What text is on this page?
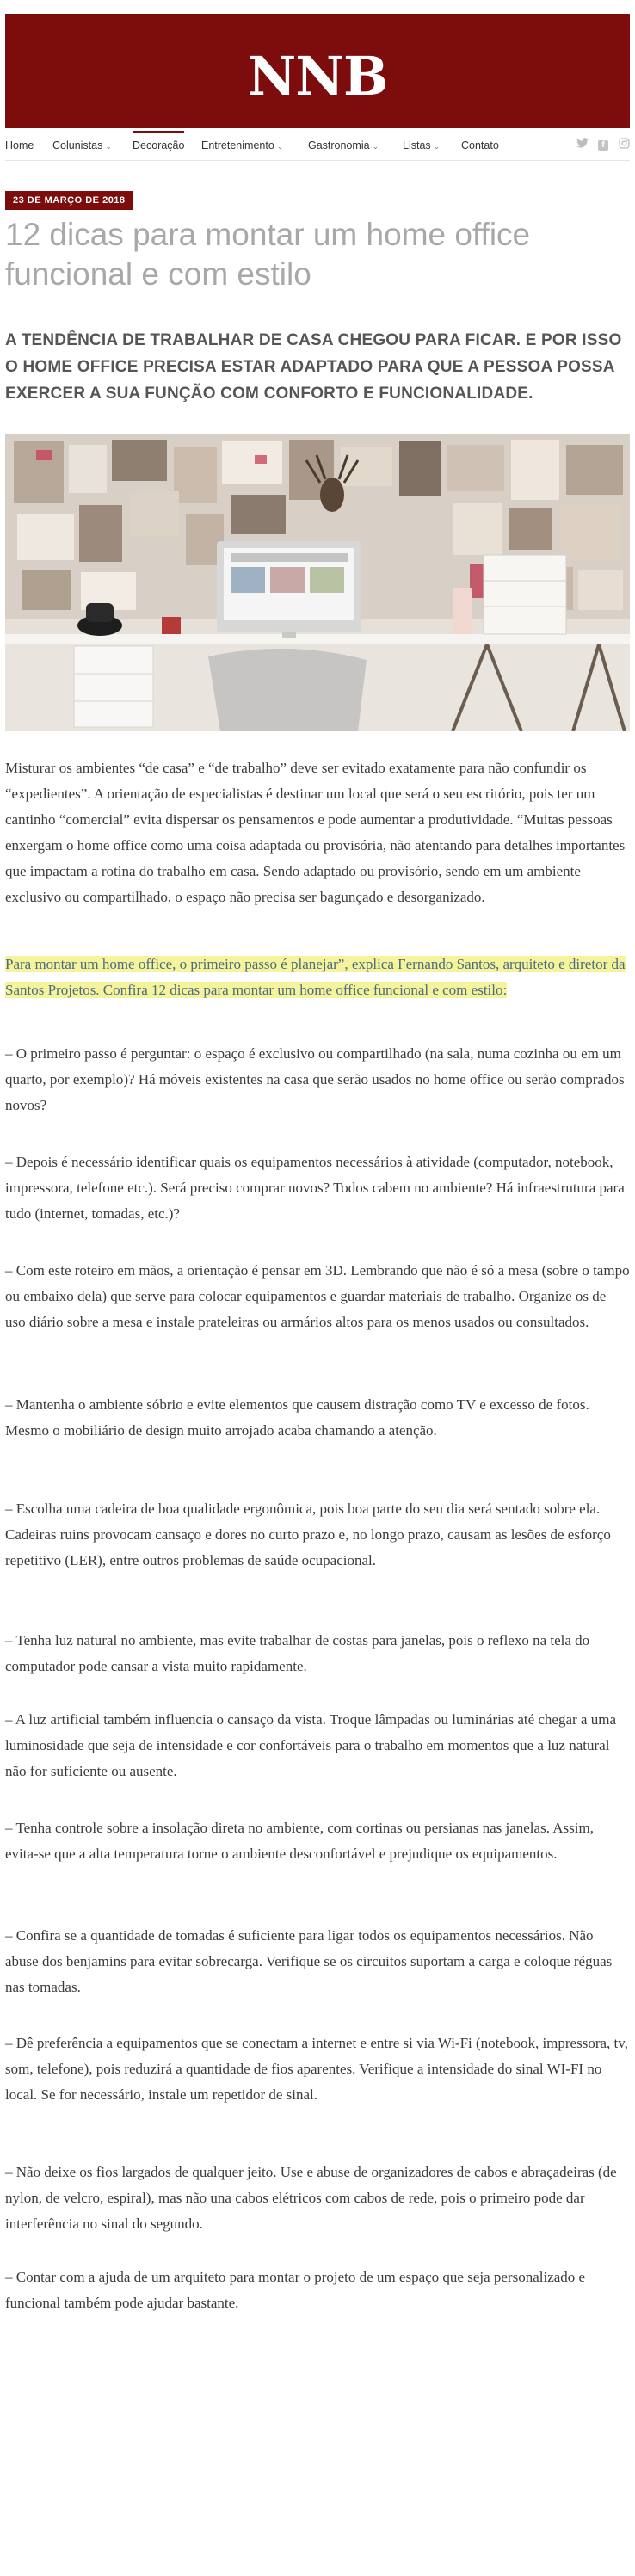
NNB
Home Colunistas ⌄ Decoração Entretenimento ⌄ Gastronomia ⌄ Listas ⌄ Contato	f
23 DE MARÇO DE 2018
12 dicas para montar um home office funcional e com estilo

A TENDÊNCIA DE TRABALHAR DE CASA CHEGOU PARA FICAR. E POR ISSO O HOME OFFICE PRECISA ESTAR ADAPTADO PARA QUE A PESSOA POSSA EXERCER A SUA FUNÇÃO COM CONFORTO E FUNCIONALIDADE.

Misturar os ambientes “de casa” e “de trabalho” deve ser evitado exatamente para não confundir os “expedientes”. A orientação de especialistas é destinar um local que será o seu escritório, pois ter um cantinho “comercial” evita dispersar os pensamentos e pode aumentar a produtividade. “Muitas pessoas enxergam o home office como uma coisa adaptada ou provisória, não atentando para detalhes importantes que impactam a rotina do trabalho em casa. Sendo adaptado ou provisório, sendo em um ambiente exclusivo ou compartilhado, o espaço não precisa ser bagunçado e desorganizado.

Para montar um home office, o primeiro passo é planejar”, explica Fernando Santos, arquiteto e diretor da Santos Projetos. Confira 12 dicas para montar um home office funcional e com estilo:

– O primeiro passo é perguntar: o espaço é exclusivo ou compartilhado (na sala, numa cozinha ou em um quarto, por exemplo)? Há móveis existentes na casa que serão usados no home office ou serão comprados novos?

– Depois é necessário identificar quais os equipamentos necessários à atividade (computador, notebook, impressora, telefone etc.). Será preciso comprar novos? Todos cabem no ambiente? Há infraestrutura para tudo (internet, tomadas, etc.)?

– Com este roteiro em mãos, a orientação é pensar em 3D. Lembrando que não é só a mesa (sobre o tampo ou embaixo dela) que serve para colocar equipamentos e guardar materiais de trabalho. Organize os de uso diário sobre a mesa e instale prateleiras ou armários altos para os menos usados ou consultados.

– Mantenha o ambiente sóbrio e evite elementos que causem distração como TV e excesso de fotos. Mesmo o mobiliário de design muito arrojado acaba chamando a atenção.

– Escolha uma cadeira de boa qualidade ergonômica, pois boa parte do seu dia será sentado sobre ela. Cadeiras ruins provocam cansaço e dores no curto prazo e, no longo prazo, causam as lesões de esforço repetitivo (LER), entre outros problemas de saúde ocupacional.

– Tenha luz natural no ambiente, mas evite trabalhar de costas para janelas, pois o reflexo na tela do computador pode cansar a vista muito rapidamente.

– A luz artificial também influencia o cansaço da vista. Troque lâmpadas ou luminárias até chegar a uma luminosidade que seja de intensidade e cor confortáveis para o trabalho em momentos que a luz natural não for suficiente ou ausente.

– Tenha controle sobre a insolação direta no ambiente, com cortinas ou persianas nas janelas. Assim, evita-se que a alta temperatura torne o ambiente desconfortável e prejudique os equipamentos.

– Confira se a quantidade de tomadas é suficiente para ligar todos os equipamentos necessários. Não abuse dos benjamins para evitar sobrecarga. Verifique se os circuitos suportam a carga e coloque réguas nas tomadas.

– Dê preferência a equipamentos que se conectam a internet e entre si via Wi-Fi (notebook, impressora, tv, som, telefone), pois reduzirá a quantidade de fios aparentes. Verifique a intensidade do sinal WI-FI no local. Se for necessário, instale um repetidor de sinal.

– Não deixe os fios largados de qualquer jeito. Use e abuse de organizadores de cabos e abraçadeiras (de nylon, de velcro, espiral), mas não una cabos elétricos com cabos de rede, pois o primeiro pode dar interferência no sinal do segundo.

– Contar com a ajuda de um arquiteto para montar o projeto de um espaço que seja personalizado e funcional também pode ajudar bastante.
